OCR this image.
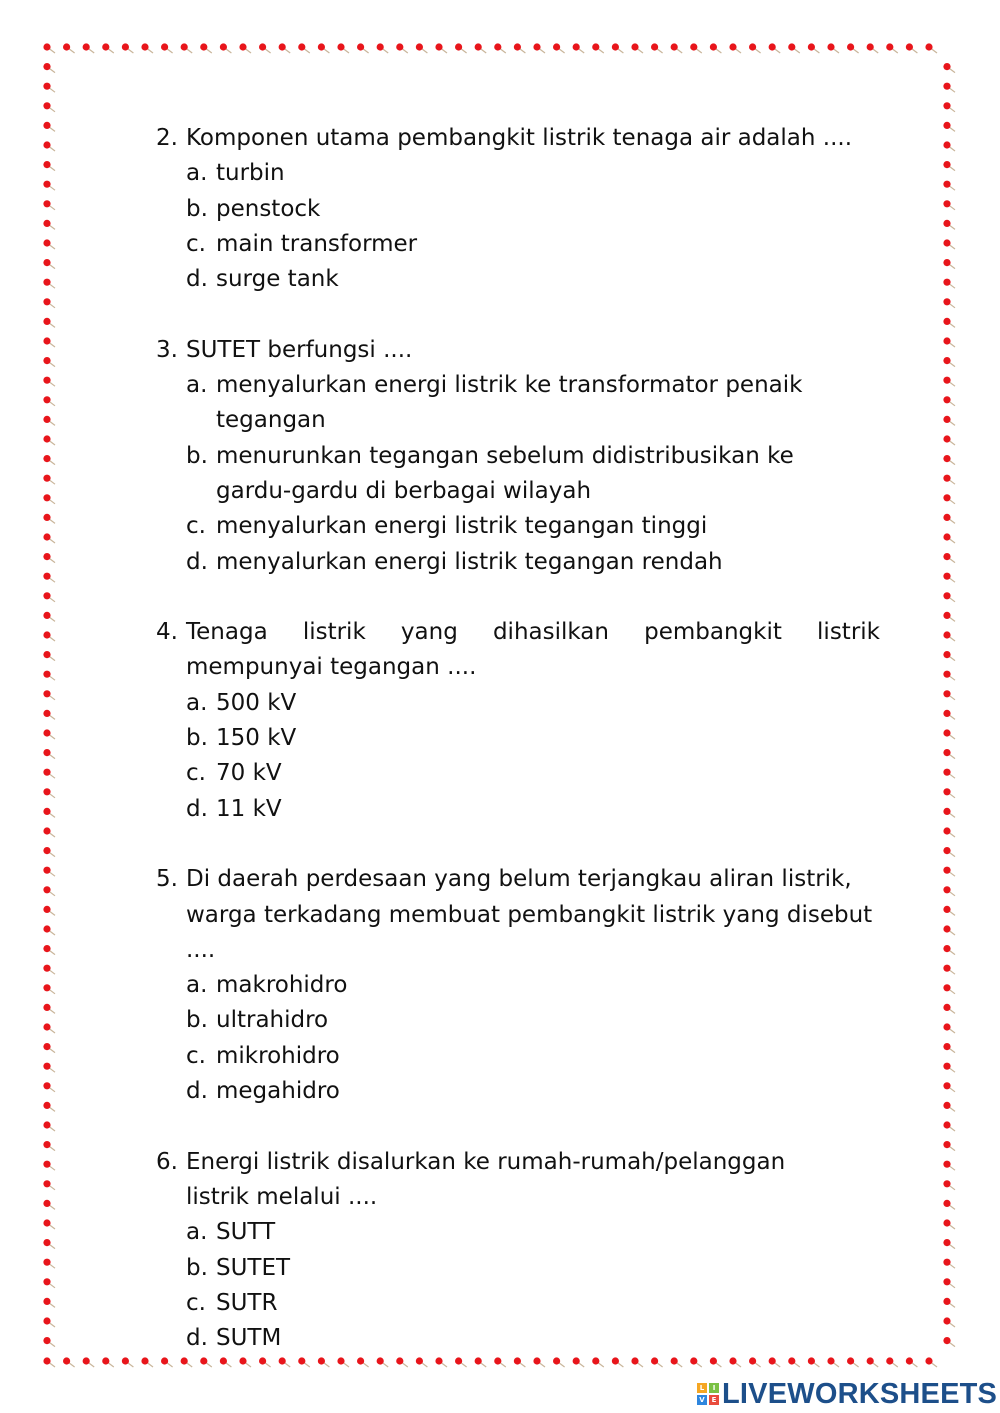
2. Komponen utama pembangkit listrik tenaga air adalah ....
a. turbin
b. penstock
c. main transformer
d. surge tank
3. SUTET berfungsi ....
a. menyalurkan energi listrik ke transformator penaik tegangan
b. menurunkan tegangan sebelum didistribusikan ke gardu-gardu di berbagai wilayah
c. menyalurkan energi listrik tegangan tinggi
d. menyalurkan energi listrik tegangan rendah
4. Tenaga listrik yang dihasilkan pembangkit listrik mempunyai tegangan ....
a. 500 kV
b. 150 kV
c. 70 kV
d. 11 kV
5. Di daerah perdesaan yang belum terjangkau aliran listrik, warga terkadang membuat pembangkit listrik yang disebut ....
a. makrohidro
b. ultrahidro
c. mikrohidro
d. megahidro
6. Energi listrik disalurkan ke rumah-rumah/pelanggan listrik melalui ....
a. SUTT
b. SUTET
c. SUTR
d. SUTM
L	I
V E LIVEWORKSHEETS
